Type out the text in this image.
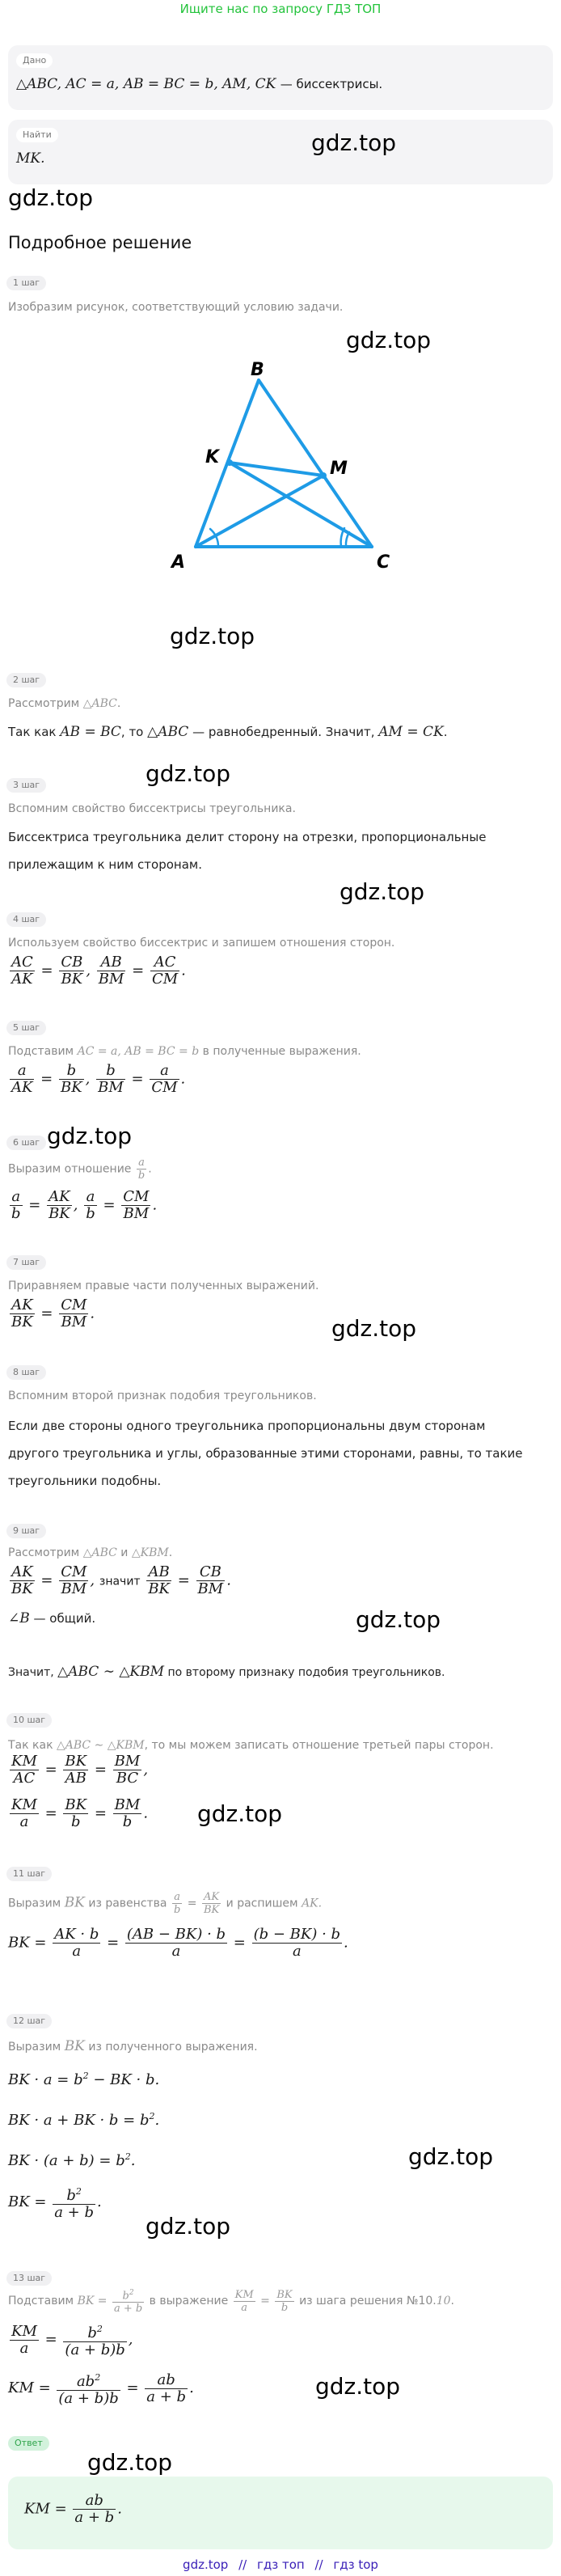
Ищите нас по запросу ГДЗ ТОП
Дано
△ABC, AC = a, AB = BC = b, AM, CK — биссектрисы.
Найти
MK.
gdz.top
gdz.top
Подробное решение
1 шаг
Изобразим рисунок, соответствующий условию задачи.
gdz.top
B
K
M
A	C
gdz.top
2 шаг
Рассмотрим △ABC.
Так как AB = BC, то △ABC — равнобедренный. Значит, AM = CK.
gdz.top
3 шаг
Вспомним свойство биссектрисы треугольника.
Биссектриса треугольника делит сторону на отрезки, пропорциональные
прилежащим к ним сторонам.
gdz.top
4 шаг
Используем свойство биссектрис и запишем отношения сторон.
$\frac{AC}{AK} = \frac{CB}{BK}$ , $\frac{AB}{BM} = \frac{AC}{CM}$ .
5 шаг
Подставим AC = a, AB = BC = b в полученные выражения.
$\frac{a}{AK} = \frac{b}{BK}$ , $\frac{b}{BM} = \frac{a}{CM}$ .
gdz.top
6 шаг
Выразим отношение $\frac{a}{b}$ .
$\frac{a}{b} = \frac{AK}{BK}$ , $\frac{a}{b} = \frac{CM}{BM}$ .
7 шаг
Приравняем правые части полученных выражений.
$\frac{AK}{BK} = \frac{CM}{BM}$ .
gdz.top
8 шаг
Вспомним второй признак подобия треугольников.
Если две стороны одного треугольника пропорциональны двум сторонам
другого треугольника и углы, образованные этими сторонами, равны, то такие
треугольники подобны.
9 шаг
Рассмотрим △ABC и △KBM.
$\frac{AK}{BK} = \frac{CM}{BM}$ , значит $\frac{AB}{BK} = \frac{CB}{BM}$ .
∠B — общий.	gdz.top
Значит, △ABC ∼ △KBM по второму признаку подобия треугольников.
10 шаг
Так как △ABC ∼ △KBM, то мы можем записать отношение третьей пары сторон.
$\frac{KM}{AC} = \frac{BK}{AB} = \frac{BM}{BC}$ ,
$\frac{KM}{a} = \frac{BK}{b} = \frac{BM}{b}$ . gdz.top
11 шаг
Выразим BK из равенства $\frac{a}{b} = \frac{AK}{BK}$ и распишем AK.
BK = $\frac{AK \cdot b}{a} = \frac{(AB - BK) \cdot b}{a} = \frac{(b - BK) \cdot b}{a}$ .
12 шаг
Выразим BK из полученного выражения.
BK · $a = b^2$ − BK · b.
BK · a + BK · $b = b^2$.
BK · $(a + b) = b^2$.	gdz.top
BK = $\frac{b^2}{a + b}$ .
gdz.top
13 шаг
Подставим BK = $\frac{b^2}{a + b}$ в выражение $\frac{KM}{a} = \frac{BK}{b}$ из шага решения №10.10.
$\frac{KM}{a} = \frac{b^2}{(a + b)b}$ ,
KM = $\frac{ab^2}{(a + b)b} = \frac{ab}{a + b}$ .	gdz.top
Ответ
gdz.top
KM = $\frac{ab}{a + b}$ .
gdz.top // гдз топ // гдз top
